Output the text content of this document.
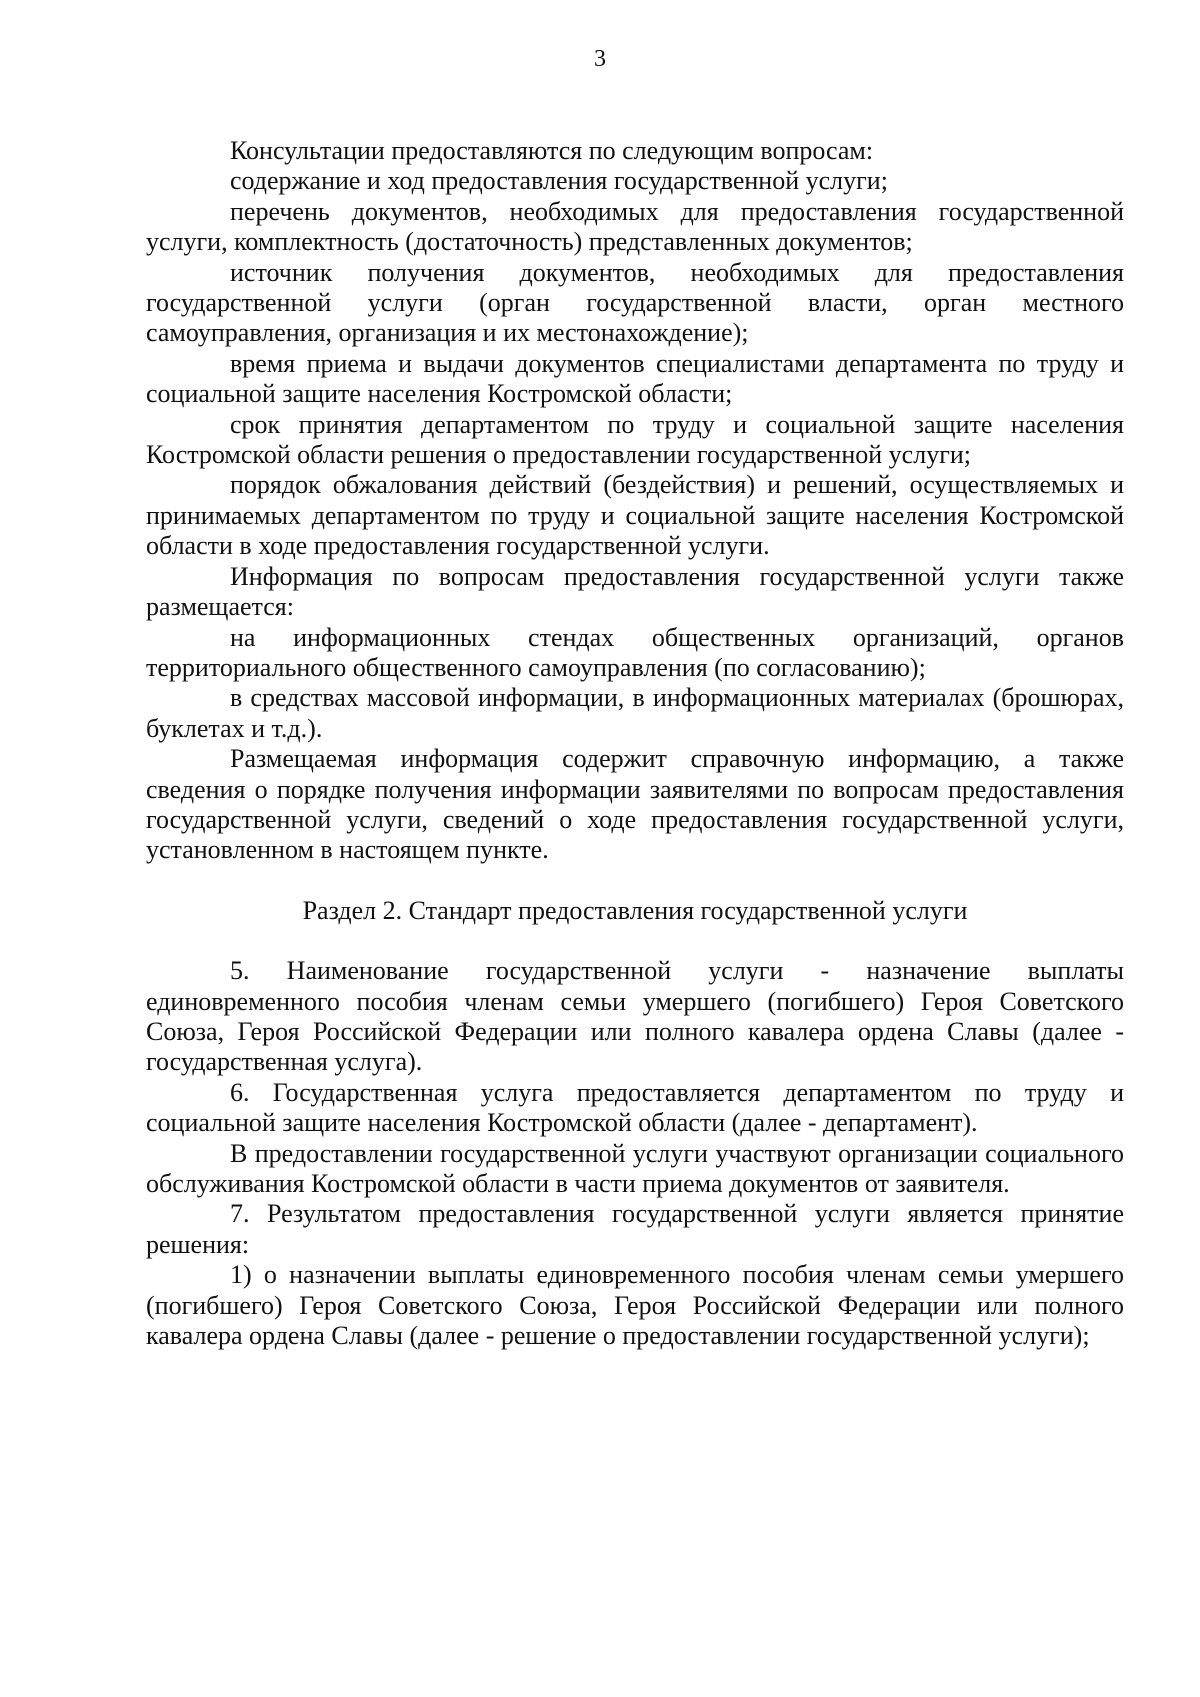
3

Консультации предоставляются по следующим вопросам:

содержание и ход предоставления государственной услуги;

перечень документов, необходимых для предоставления государственной услуги, комплектность (достаточность) представленных документов;

источник получения документов, необходимых для предоставления государственной услуги (орган государственной власти, орган местного самоуправления, организация и их местонахождение);

время приема и выдачи документов специалистами департамента по труду и социальной защите населения Костромской области;

срок принятия департаментом по труду и социальной защите населения Костромской области решения о предоставлении государственной услуги;

порядок обжалования действий (бездействия) и решений, осуществляемых и принимаемых департаментом по труду и социальной защите населения Костромской области в ходе предоставления государственной услуги.

Информация по вопросам предоставления государственной услуги также размещается:

на информационных стендах общественных организаций, органов территориального общественного самоуправления (по согласованию);

в средствах массовой информации, в информационных материалах (брошюрах, буклетах и т.д.).

Размещаемая информация содержит справочную информацию, а также сведения о порядке получения информации заявителями по вопросам предоставления государственной услуги, сведений о ходе предоставления государственной услуги, установленном в настоящем пункте.

Раздел 2. Стандарт предоставления государственной услуги

5. Наименование государственной услуги - назначение выплаты единовременного пособия членам семьи умершего (погибшего) Героя Советского Союза, Героя Российской Федерации или полного кавалера ордена Славы (далее - государственная услуга).

6. Государственная услуга предоставляется департаментом по труду и социальной защите населения Костромской области (далее - департамент).

В предоставлении государственной услуги участвуют организации социального обслуживания Костромской области в части приема документов от заявителя.

7. Результатом предоставления государственной услуги является принятие решения:

1) о назначении выплаты единовременного пособия членам семьи умершего (погибшего) Героя Советского Союза, Героя Российской Федерации или полного кавалера ордена Славы (далее - решение о предоставлении государственной услуги);
